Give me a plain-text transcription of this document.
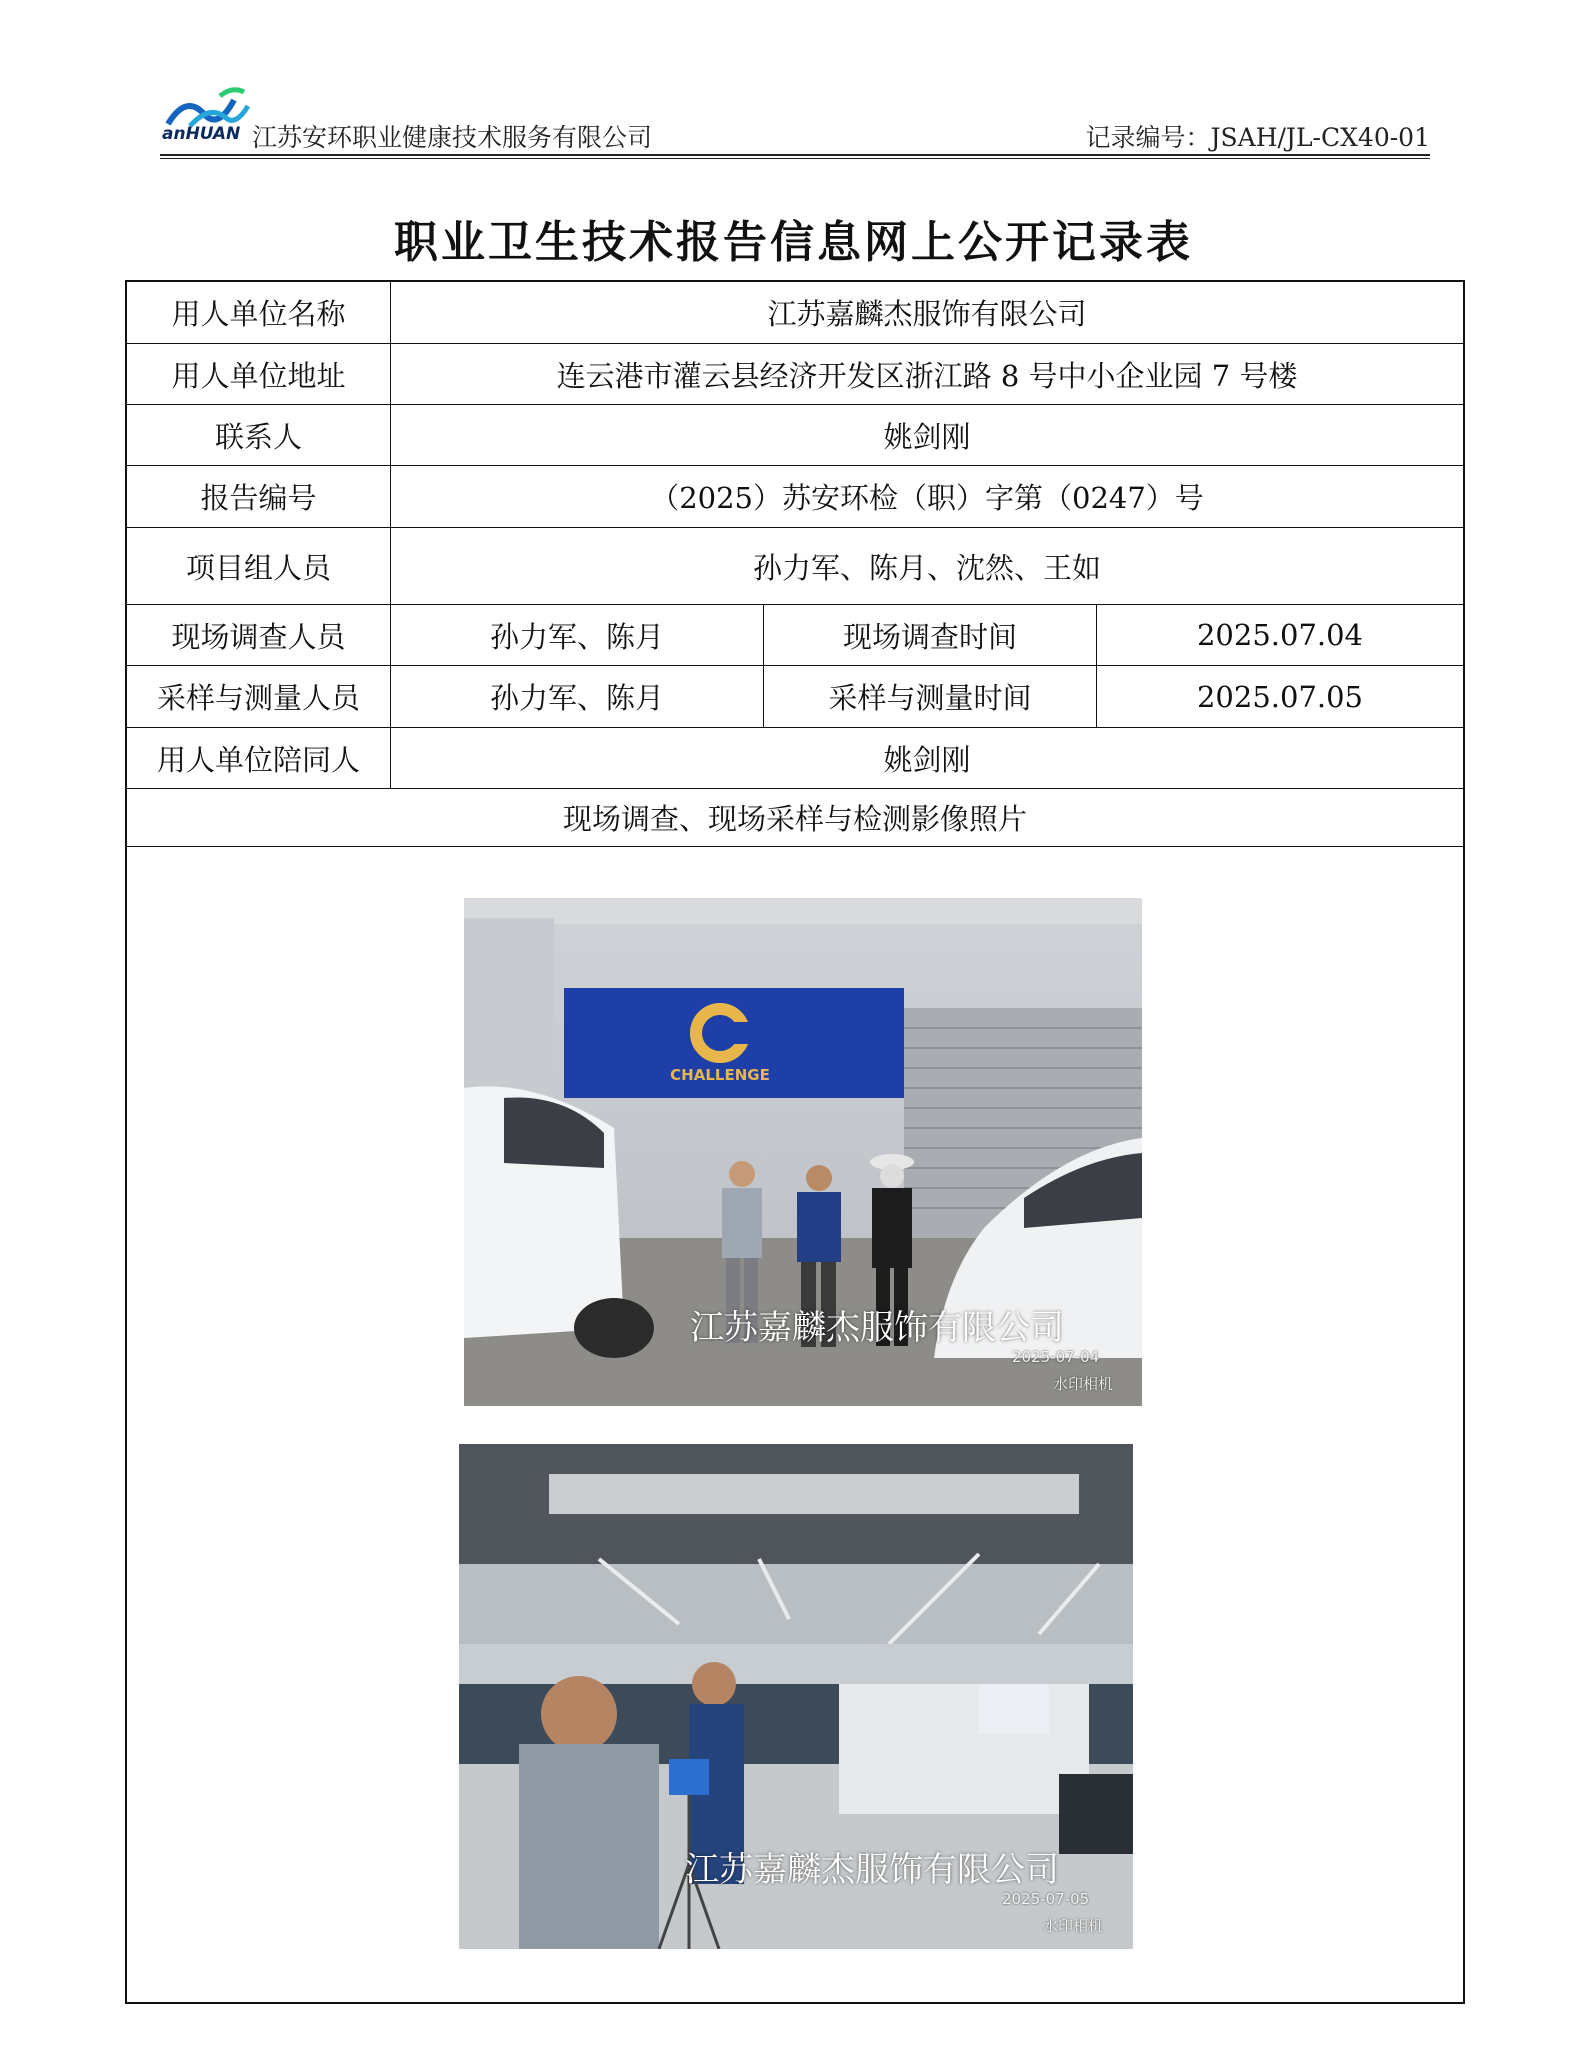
anHUAN 江苏安环职业健康技术服务有限公司	记录编号：JSAH/JL-CX40-01
职业卫生技术报告信息网上公开记录表
用人单位名称	江苏嘉麟杰服饰有限公司
用人单位地址	连云港市灌云县经济开发区浙江路 8 号中小企业园 7 号楼
联系人	姚剑刚
报告编号	（2025）苏安环检（职）字第（0247）号
项目组人员	孙力军、陈月、沈然、王如
现场调查人员	孙力军、陈月	现场调查时间	2025.07.04
采样与测量人员	孙力军、陈月	采样与测量时间	2025.07.05
用人单位陪同人	姚剑刚
现场调查、现场采样与检测影像照片
CHALLENGE
江苏嘉麟杰服饰有限公司
2025-07-04
水印相机
江苏嘉麟杰服饰有限公司
2025-07-05
水印相机
